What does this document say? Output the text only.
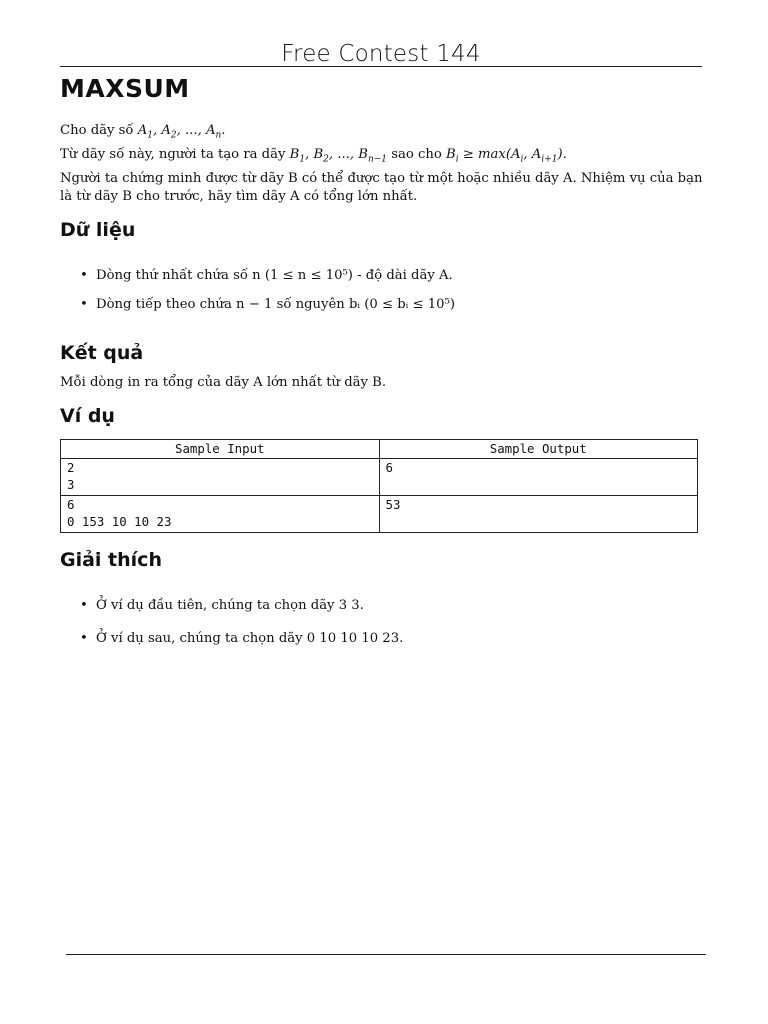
Free Contest 144
MAXSUM

Cho dãy số $A_1$, $A_2$, ..., $A_n$.

Từ dãy số này, người ta tạo ra dãy $B_1$, $B_2$, ..., $B_{n-1}$ sao cho $B_i \ge \max(A_i$, $A_{i+1}$).

Người ta chứng minh được từ dãy B có thể được tạo từ một hoặc nhiều dãy A. Nhiệm vụ của bạn là từ dãy B cho trước, hãy tìm dãy A có tổng lớn nhất.

Dữ liệu
• Dòng thứ nhất chứa số n (1 ≤ n ≤ 10⁵) - độ dài dãy A.
• Dòng tiếp theo chứa n − 1 số nguyên bᵢ (0 ≤ bᵢ ≤ 10⁵)
Kết quả

Mỗi dòng in ra tổng của dãy A lớn nhất từ dãy B.

Ví dụ
Sample Input	Sample Output

2
3	6

6
0 153 10 10 23	53
Giải thích
• Ở ví dụ đầu tiên, chúng ta chọn dãy 3 3.
• Ở ví dụ sau, chúng ta chọn dãy 0 10 10 10 23.
